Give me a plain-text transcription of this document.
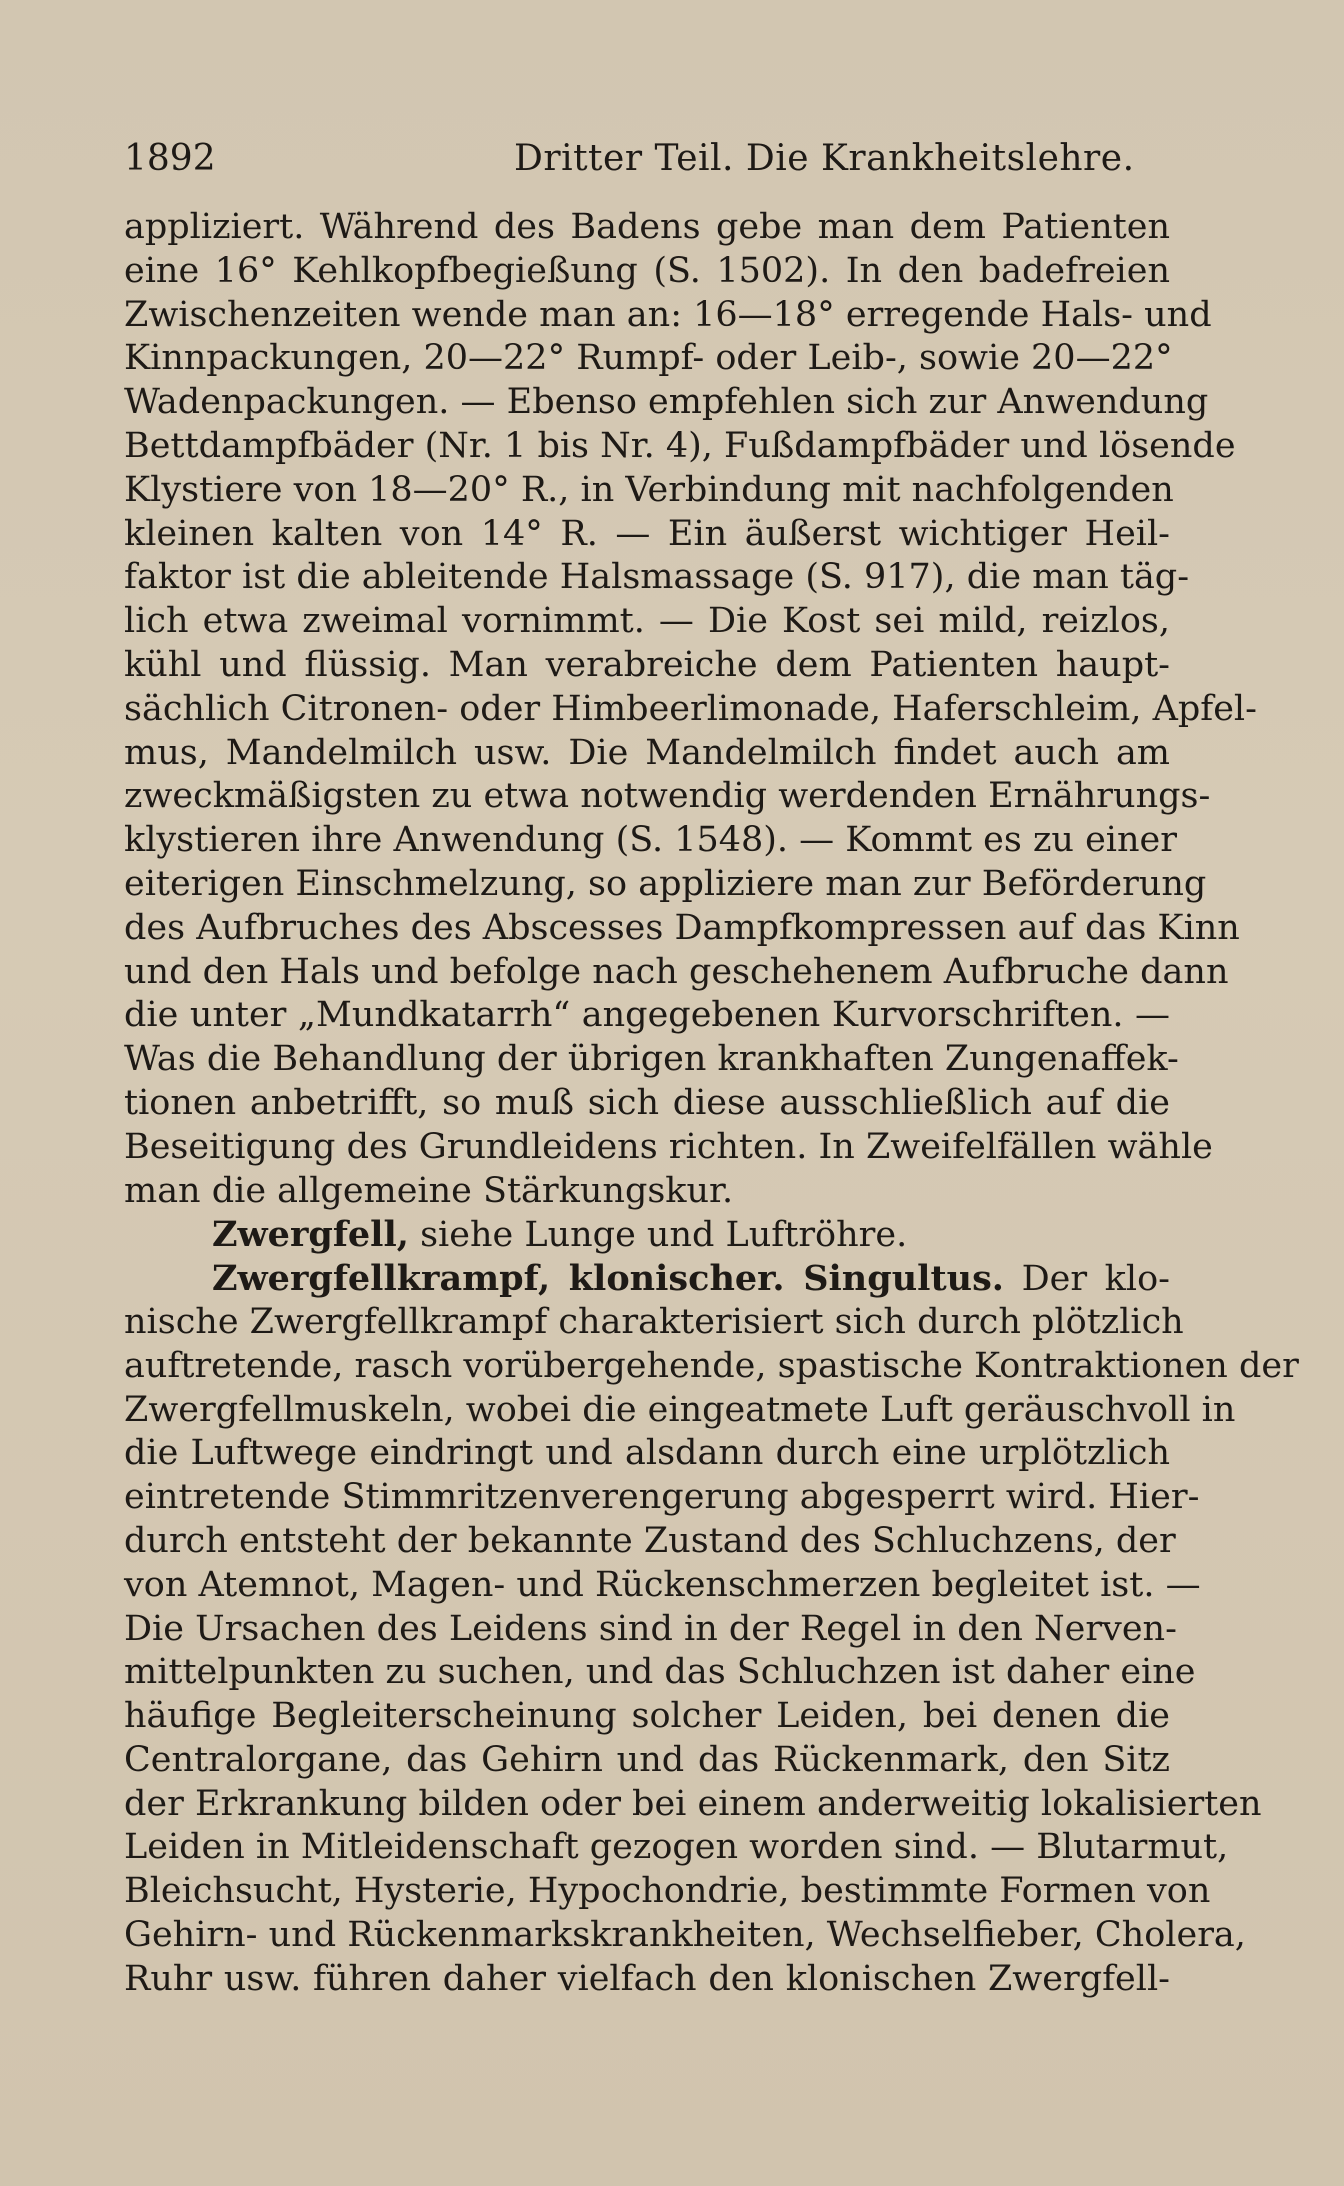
1892	Dritter Teil. Die Krankheitslehre.
appliziert. Während des Badens gebe man dem Patienten
eine 16° Kehlkopfbegießung (S. 1502). In den badefreien
Zwischenzeiten wende man an: 16—18° erregende Hals- und
Kinnpackungen, 20—22° Rumpf- oder Leib-, sowie 20—22°
Wadenpackungen. — Ebenso empfehlen sich zur Anwendung
Bettdampfbäder (Nr. 1 bis Nr. 4), Fußdampfbäder und lösende
Klystiere von 18—20° R., in Verbindung mit nachfolgenden
kleinen kalten von 14° R. — Ein äußerst wichtiger Heil-
faktor ist die ableitende Halsmassage (S. 917), die man täg-
lich etwa zweimal vornimmt. — Die Kost sei mild, reizlos,
kühl und flüssig. Man verabreiche dem Patienten haupt-
sächlich Citronen- oder Himbeerlimonade, Haferschleim, Apfel-
mus, Mandelmilch usw. Die Mandelmilch findet auch am
zweckmäßigsten zu etwa notwendig werdenden Ernährungs-
klystieren ihre Anwendung (S. 1548). — Kommt es zu einer
eiterigen Einschmelzung, so appliziere man zur Beförderung
des Aufbruches des Abscesses Dampfkompressen auf das Kinn
und den Hals und befolge nach geschehenem Aufbruche dann
die unter „Mundkatarrh“ angegebenen Kurvorschriften. —
Was die Behandlung der übrigen krankhaften Zungenaffek-
tionen anbetrifft, so muß sich diese ausschließlich auf die
Beseitigung des Grundleidens richten. In Zweifelfällen wähle
man die allgemeine Stärkungskur.
Zwergfell, siehe Lunge und Luftröhre.
Zwergfellkrampf, klonischer. Singultus. Der klo-
nische Zwergfellkrampf charakterisiert sich durch plötzlich
auftretende, rasch vorübergehende, spastische Kontraktionen der
Zwergfellmuskeln, wobei die eingeatmete Luft geräuschvoll in
die Luftwege eindringt und alsdann durch eine urplötzlich
eintretende Stimmritzenverengerung abgesperrt wird. Hier-
durch entsteht der bekannte Zustand des Schluchzens, der
von Atemnot, Magen- und Rückenschmerzen begleitet ist. —
Die Ursachen des Leidens sind in der Regel in den Nerven-
mittelpunkten zu suchen, und das Schluchzen ist daher eine
häufige Begleiterscheinung solcher Leiden, bei denen die
Centralorgane, das Gehirn und das Rückenmark, den Sitz
der Erkrankung bilden oder bei einem anderweitig lokalisierten
Leiden in Mitleidenschaft gezogen worden sind. — Blutarmut,
Bleichsucht, Hysterie, Hypochondrie, bestimmte Formen von
Gehirn- und Rückenmarkskrankheiten, Wechselfieber, Cholera,
Ruhr usw. führen daher vielfach den klonischen Zwergfell-
